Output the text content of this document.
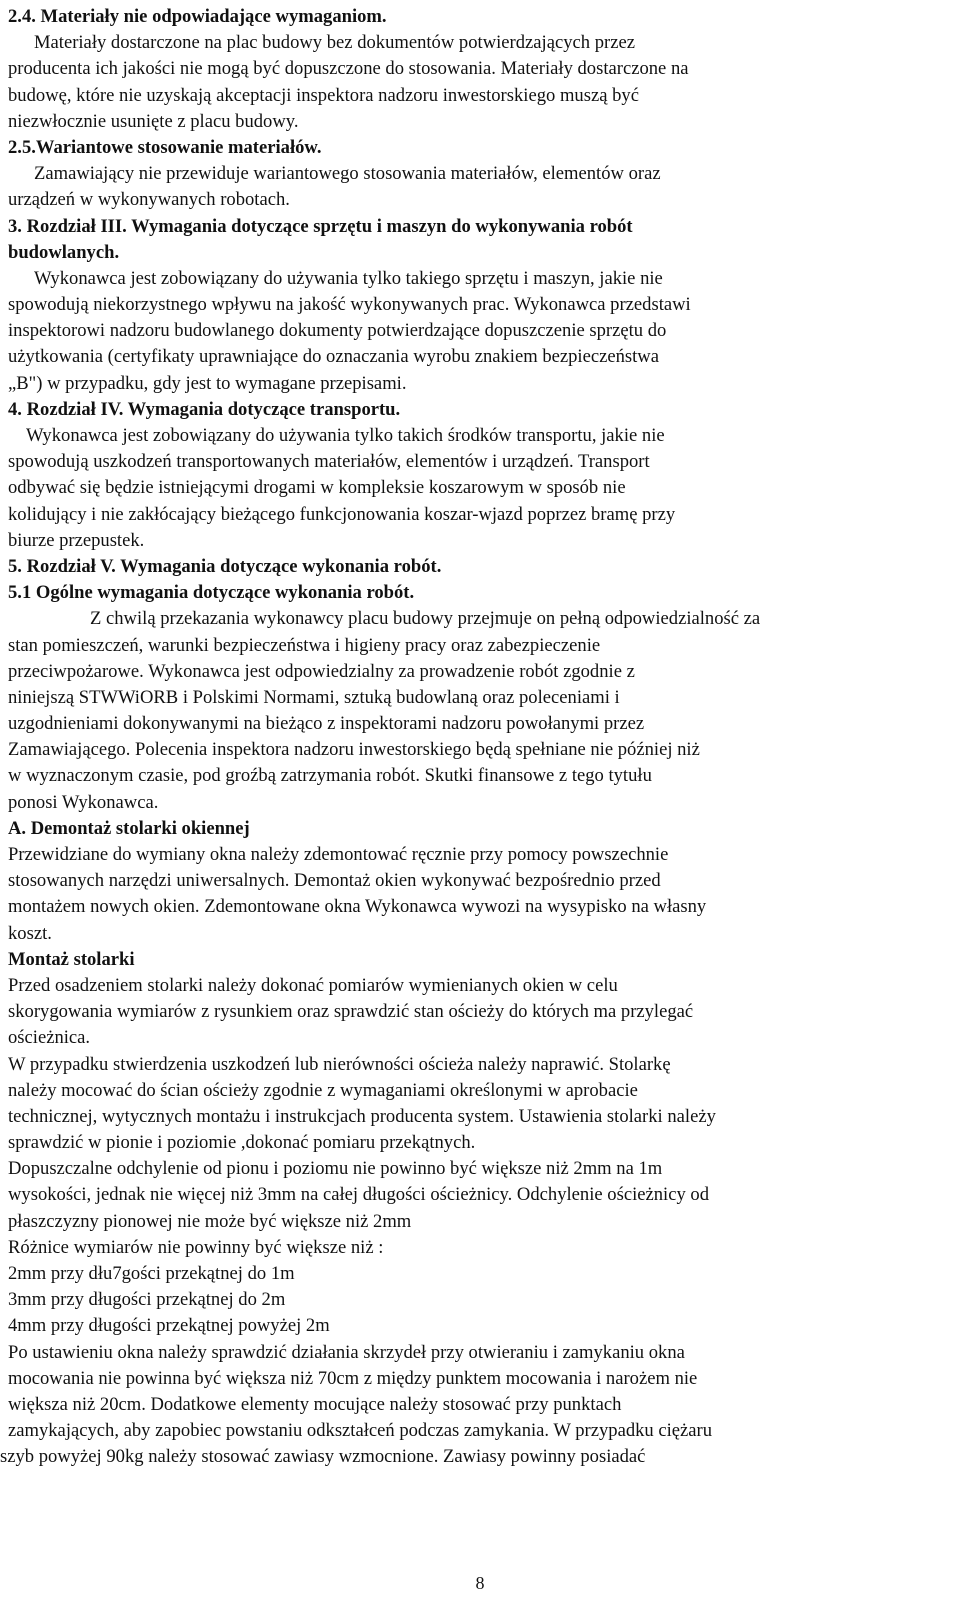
2.4. Materiały nie odpowiadające wymaganiom.
Materiały dostarczone na plac budowy bez dokumentów potwierdzających przez
producenta ich jakości nie mogą być dopuszczone do stosowania. Materiały dostarczone na
budowę, które nie uzyskają akceptacji inspektora nadzoru inwestorskiego muszą być
niezwłocznie usunięte z placu budowy.
2.5.Wariantowe stosowanie materiałów.
Zamawiający nie przewiduje wariantowego stosowania materiałów, elementów oraz
urządzeń w wykonywanych robotach.
3. Rozdział III. Wymagania dotyczące sprzętu i maszyn do wykonywania robót
budowlanych.
Wykonawca jest zobowiązany do używania tylko takiego sprzętu i maszyn, jakie nie
spowodują niekorzystnego wpływu na jakość wykonywanych prac. Wykonawca przedstawi
inspektorowi nadzoru budowlanego dokumenty potwierdzające dopuszczenie sprzętu do
użytkowania (certyfikaty uprawniające do oznaczania wyrobu znakiem bezpieczeństwa
„B") w przypadku, gdy jest to wymagane przepisami.
4. Rozdział IV. Wymagania dotyczące transportu.
Wykonawca jest zobowiązany do używania tylko takich środków transportu, jakie nie
spowodują uszkodzeń transportowanych materiałów, elementów i urządzeń. Transport
odbywać się będzie istniejącymi drogami w kompleksie koszarowym w sposób nie
kolidujący i nie zakłócający bieżącego funkcjonowania koszar-wjazd poprzez bramę przy
biurze przepustek.
5. Rozdział V. Wymagania dotyczące wykonania robót.
5.1 Ogólne wymagania dotyczące wykonania robót.
Z chwilą przekazania wykonawcy placu budowy przejmuje on pełną odpowiedzialność za
stan pomieszczeń, warunki bezpieczeństwa i higieny pracy oraz zabezpieczenie
przeciwpożarowe. Wykonawca jest odpowiedzialny za prowadzenie robót zgodnie z
niniejszą STWWiORB i Polskimi Normami, sztuką budowlaną oraz poleceniami i
uzgodnieniami dokonywanymi na bieżąco z inspektorami nadzoru powołanymi przez
Zamawiającego. Polecenia inspektora nadzoru inwestorskiego będą spełniane nie później niż
w wyznaczonym czasie, pod groźbą zatrzymania robót. Skutki finansowe z tego tytułu
ponosi Wykonawca.
A. Demontaż stolarki okiennej
Przewidziane do wymiany okna należy zdemontować ręcznie przy pomocy powszechnie
stosowanych narzędzi uniwersalnych. Demontaż okien wykonywać bezpośrednio przed
montażem nowych okien. Zdemontowane okna Wykonawca wywozi na wysypisko na własny
koszt.
Montaż stolarki
Przed osadzeniem stolarki należy dokonać pomiarów wymienianych okien w celu
skorygowania wymiarów z rysunkiem oraz sprawdzić stan ościeży do których ma przylegać
ościeżnica.
W przypadku stwierdzenia uszkodzeń lub nierówności ościeża należy naprawić. Stolarkę
należy mocować do ścian ościeży zgodnie z wymaganiami określonymi w aprobacie
technicznej, wytycznych montażu i instrukcjach producenta system. Ustawienia stolarki należy
sprawdzić w pionie i poziomie ,dokonać pomiaru przekątnych.
Dopuszczalne odchylenie od pionu i poziomu nie powinno być większe niż 2mm na 1m
wysokości, jednak nie więcej niż 3mm na całej długości ościeżnicy. Odchylenie ościeżnicy od
płaszczyzny pionowej nie może być większe niż 2mm
Różnice wymiarów nie powinny być większe niż :
2mm przy dłu7gości przekątnej do 1m
3mm przy długości przekątnej do 2m
4mm przy długości przekątnej powyżej 2m
Po ustawieniu okna należy sprawdzić działania skrzydeł przy otwieraniu i zamykaniu okna
mocowania nie powinna być większa niż 70cm z między punktem mocowania i narożem nie
większa niż 20cm. Dodatkowe elementy mocujące należy stosować przy punktach
zamykających, aby zapobiec powstaniu odkształceń podczas zamykania. W przypadku ciężaru
szyb powyżej 90kg należy stosować zawiasy wzmocnione. Zawiasy powinny posiadać
8
